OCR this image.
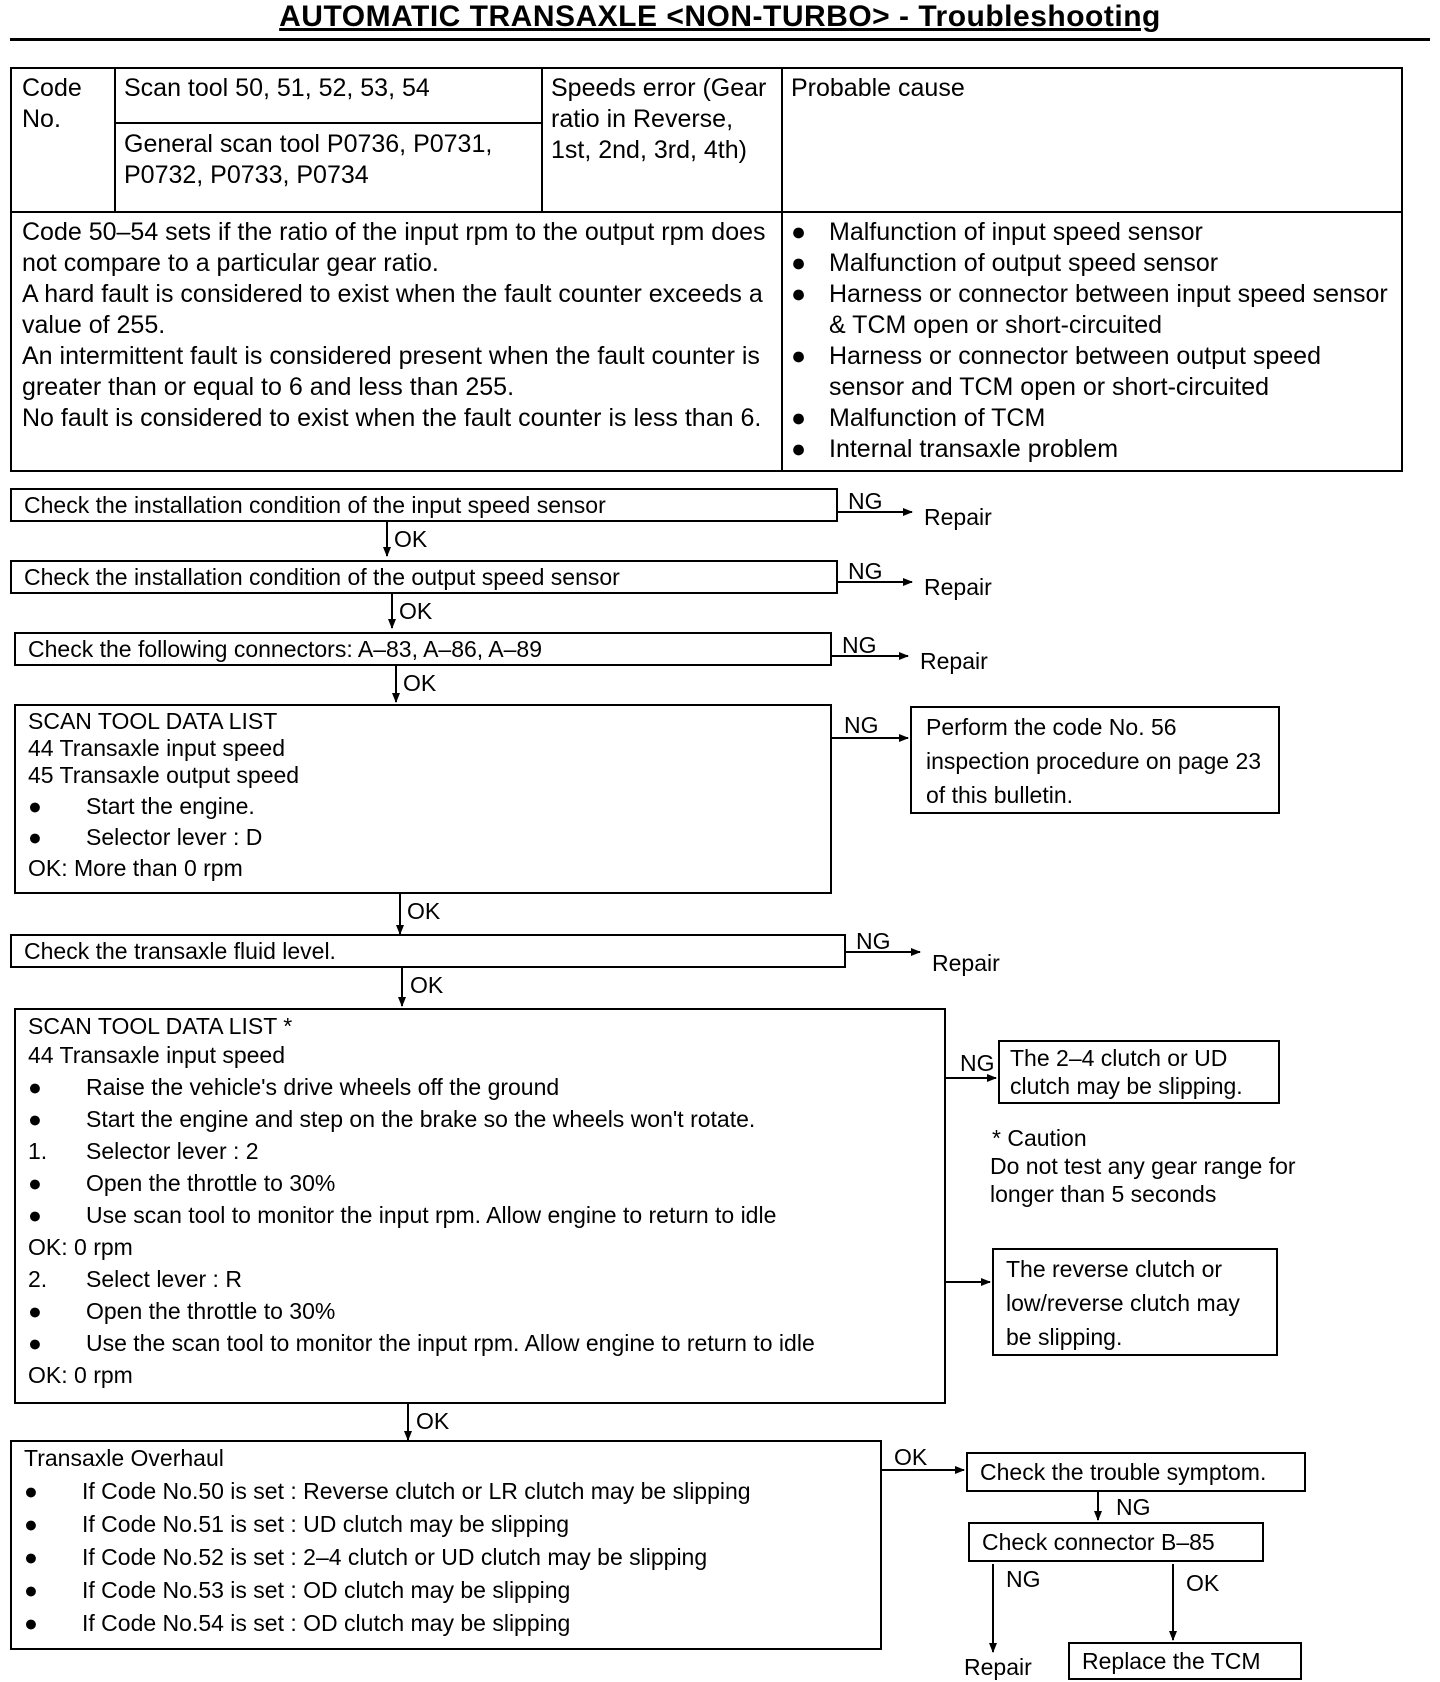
AUTOMATIC TRANSAXLE <NON-TURBO> - Troubleshooting
Code No.
Scan tool 50, 51, 52, 53, 54
General scan tool P0736, P0731, P0732, P0733, P0734
Speeds error (Gear ratio in Reverse, 1st, 2nd, 3rd, 4th)
Probable cause
Code 50–54 sets if the ratio of the input rpm to the output rpm does not compare to a particular gear ratio.
A hard fault is considered to exist when the fault counter exceeds a value of 255.
An intermittent fault is considered present when the fault counter is greater than or equal to 6 and less than 255.
No fault is considered to exist when the fault counter is less than 6.
● Malfunction of input speed sensor
● Malfunction of output speed sensor
● Harness or connector between input speed sensor & TCM open or short-circuited
● Harness or connector between output speed sensor and TCM open or short-circuited
● Malfunction of TCM
● Internal transaxle problem
OK
OK
OK
OK
OK
OK
NG
NG
NG
NG
NG
NG
OK
NG
NG	OK
Repair
Repair
Repair
Repair
Repair
Check the installation condition of the input speed sensor
Check the installation condition of the output speed sensor
Check the following connectors: A–83, A–86, A–89
SCAN TOOL DATA LIST
44 Transaxle input speed
45 Transaxle output speed
●	Start the engine.
●	Selector lever : D
OK: More than 0 rpm
Perform the code No. 56 inspection procedure on page 23 of this bulletin.
Check the transaxle fluid level.
SCAN TOOL DATA LIST *
44 Transaxle input speed
●	Raise the vehicle's drive wheels off the ground
●	Start the engine and step on the brake so the wheels won't rotate.
1.	Selector lever : 2
●	Open the throttle to 30%
●	Use scan tool to monitor the input rpm. Allow engine to return to idle
OK: 0 rpm
2.	Select lever : R
●	Open the throttle to 30%
●	Use the scan tool to monitor the input rpm. Allow engine to return to idle
OK: 0 rpm
The 2–4 clutch or UD clutch may be slipping.
* Caution
Do not test any gear range for longer than 5 seconds
The reverse clutch or low/reverse clutch may be slipping.
Transaxle Overhaul
●	If Code No.50 is set : Reverse clutch or LR clutch may be slipping
●	If Code No.51 is set : UD clutch may be slipping
●	If Code No.52 is set : 2–4 clutch or UD clutch may be slipping
●	If Code No.53 is set : OD clutch may be slipping
●	If Code No.54 is set : OD clutch may be slipping
Check the trouble symptom.
Check connector B–85
Replace the TCM
